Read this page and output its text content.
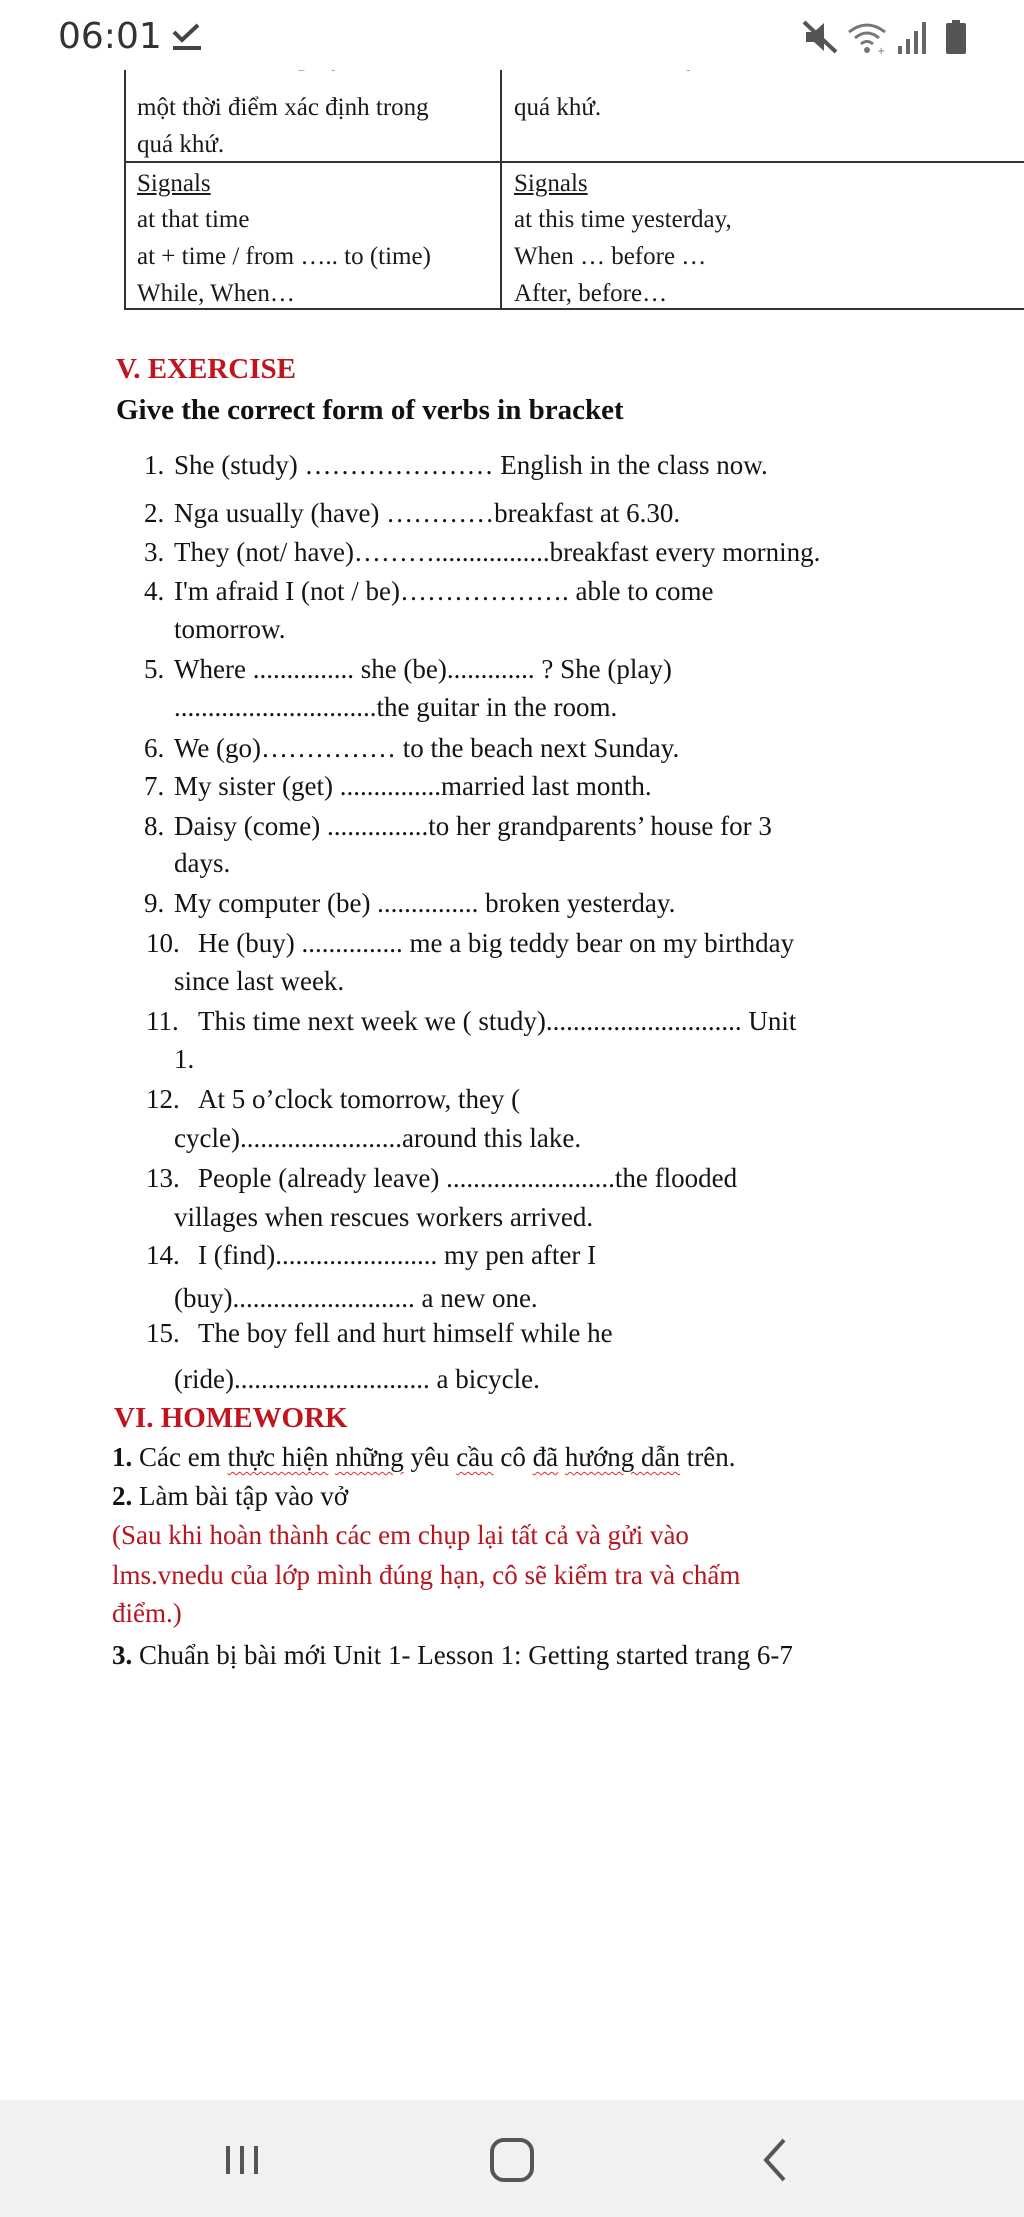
một thời điểm xác định trong
quá khứ.
Signals
at that time
at + time / from ….. to (time)
While, When…
quá khứ.
Signals
at this time yesterday,
When … before …
After, before…
V. EXERCISE
Give the correct form of verbs in bracket
1. She (study) ………………… English in the class now.
2. Nga usually (have) …………breakfast at 6.30.
3. They (not/ have)……….................breakfast every morning.
4. I'm afraid I (not / be)………………. able to come
tomorrow.
5. Where ............... she (be)............. ? She (play)
..............................the guitar in the room.
6. We (go)…………… to the beach next Sunday.
7. My sister (get) ...............married last month.
8. Daisy (come) ...............to her grandparents’ house for 3
days.
9. My computer (be) ............... broken yesterday.
10. He (buy) ............... me a big teddy bear on my birthday
since last week.
11. This time next week we ( study)............................. Unit
1.
12. At 5 o’clock tomorrow, they (
cycle)........................around this lake.
13. People (already leave) .........................the flooded
villages when rescues workers arrived.
14. I (find)........................ my pen after I
(buy)........................... a new one.
15. The boy fell and hurt himself while he
(ride)............................. a bicycle.
VI. HOMEWORK
1. Các em thực hiện những yêu cầu cô đã hướng dẫn trên.
2. Làm bài tập vào vở
(Sau khi hoàn thành các em chụp lại tất cả và gửi vào
lms.vnedu của lớp mình đúng hạn, cô sẽ kiểm tra và chấm
điểm.)
3. Chuẩn bị bài mới Unit 1- Lesson 1: Getting started trang 6-7
06:01	+
